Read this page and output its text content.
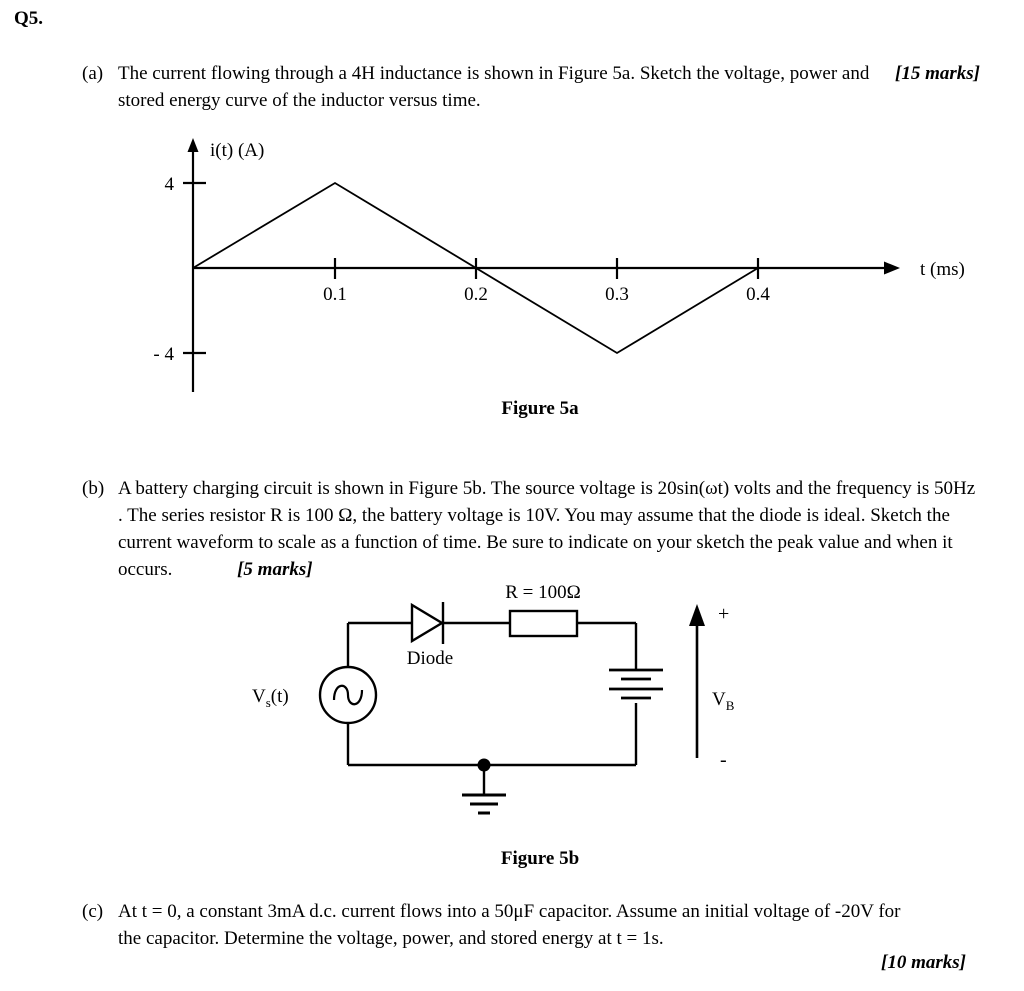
Q5.
(a)	[15 marks]
The current flowing through a 4H inductance is shown in Figure 5a. Sketch the voltage, power and stored energy curve of the inductor versus time.
4
- 4
i(t) (A)
0.1	0.3
0.2	0.4
t (ms)
Figure 5a
(b) A battery charging circuit is shown in Figure 5b. The source voltage is 20sin(ωt) volts and the frequency is 50Hz . The series resistor R is 100 Ω, the battery voltage is 10V. You may assume that the diode is ideal. Sketch the current waveform to scale as a function of time. Be sure to indicate on your sketch the peak value and when it occurs.	[5 marks]
$V_s(t)$
Diode
R = 100Ω
+
-
$V_B$
Figure 5b
(c) At t = 0, a constant 3mA d.c. current flows into a 50μF capacitor. Assume an initial voltage of -20V for the capacitor. Determine the voltage, power, and stored energy at t = 1s.
[10 marks]
